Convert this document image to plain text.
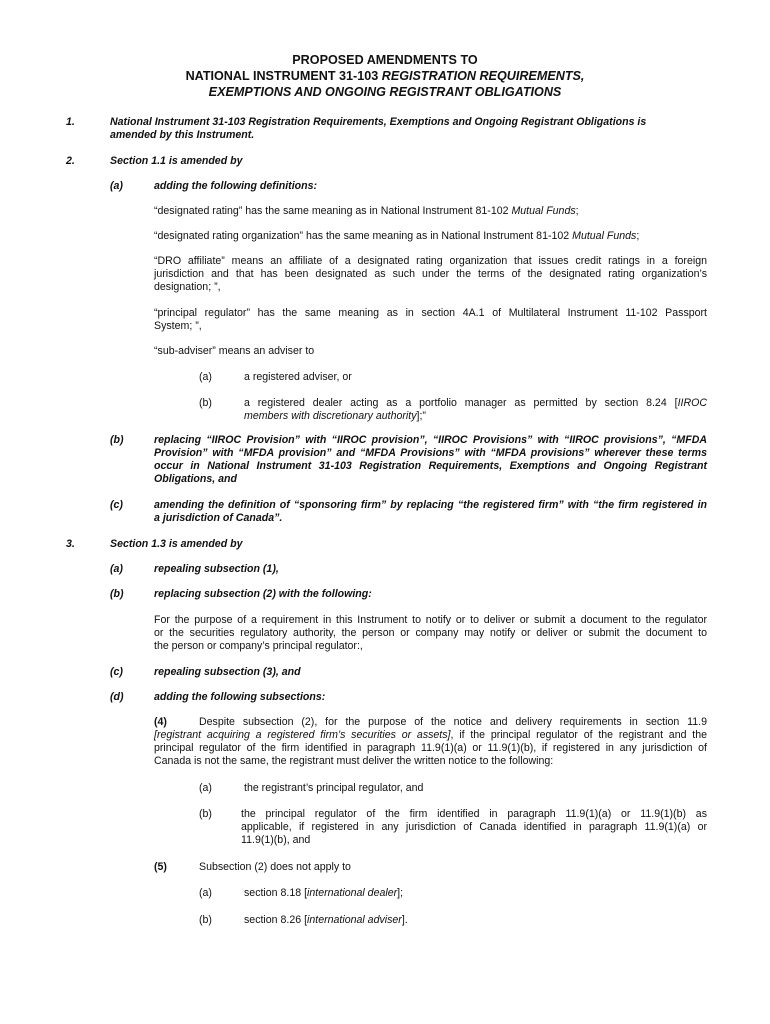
PROPOSED AMENDMENTS TO
NATIONAL INSTRUMENT 31-103 REGISTRATION REQUIREMENTS,
EXEMPTIONS AND ONGOING REGISTRANT OBLIGATIONS
1.	National Instrument 31-103 Registration Requirements, Exemptions and Ongoing Registrant Obligations is
amended by this Instrument.
2.	Section 1.1 is amended by
(a)	adding the following definitions:
“designated rating” has the same meaning as in National Instrument 81-102 Mutual Funds;
“designated rating organization” has the same meaning as in National Instrument 81-102 Mutual Funds;
“DRO affiliate” means an affiliate of a designated rating organization that issues credit ratings in a foreign
jurisdiction and that has been designated as such under the terms of the designated rating organization’s
designation; ”,
“principal regulator” has the same meaning as in section 4A.1 of Multilateral Instrument 11-102 Passport
System; ”,
“sub-adviser” means an adviser to
(a)	a registered adviser, or
(b)	a registered dealer acting as a portfolio manager as permitted by section 8.24 [IIROC
members with discretionary authority];”
(b)	replacing “IIROC Provision” with “IIROC provision”, “IIROC Provisions” with “IIROC provisions”, “MFDA
Provision” with “MFDA provision” and “MFDA Provisions” with “MFDA provisions” wherever these terms
occur in National Instrument 31-103 Registration Requirements, Exemptions and Ongoing Registrant
Obligations, and
(c)	amending the definition of “sponsoring firm” by replacing “the registered firm” with “the firm registered in
a jurisdiction of Canada”.
3.	Section 1.3 is amended by
(a)	repealing subsection (1),
(b)	replacing subsection (2) with the following:
For the purpose of a requirement in this Instrument to notify or to deliver or submit a document to the regulator
or the securities regulatory authority, the person or company may notify or deliver or submit the document to
the person or company’s principal regulator:,
(c)	repealing subsection (3), and
(d)	adding the following subsections:
(4)	Despite subsection (2), for the purpose of the notice and delivery requirements in section 11.9
[registrant acquiring a registered firm’s securities or assets], if the principal regulator of the registrant and the
principal regulator of the firm identified in paragraph 11.9(1)(a) or 11.9(1)(b), if registered in any jurisdiction of
Canada is not the same, the registrant must deliver the written notice to the following:
(a)	the registrant’s principal regulator, and
(b)	the principal regulator of the firm identified in paragraph 11.9(1)(a) or 11.9(1)(b) as
applicable, if registered in any jurisdiction of Canada identified in paragraph 11.9(1)(a) or
11.9(1)(b), and
(5)	Subsection (2) does not apply to
(a)	section 8.18 [international dealer];
(b)	section 8.26 [international adviser].
